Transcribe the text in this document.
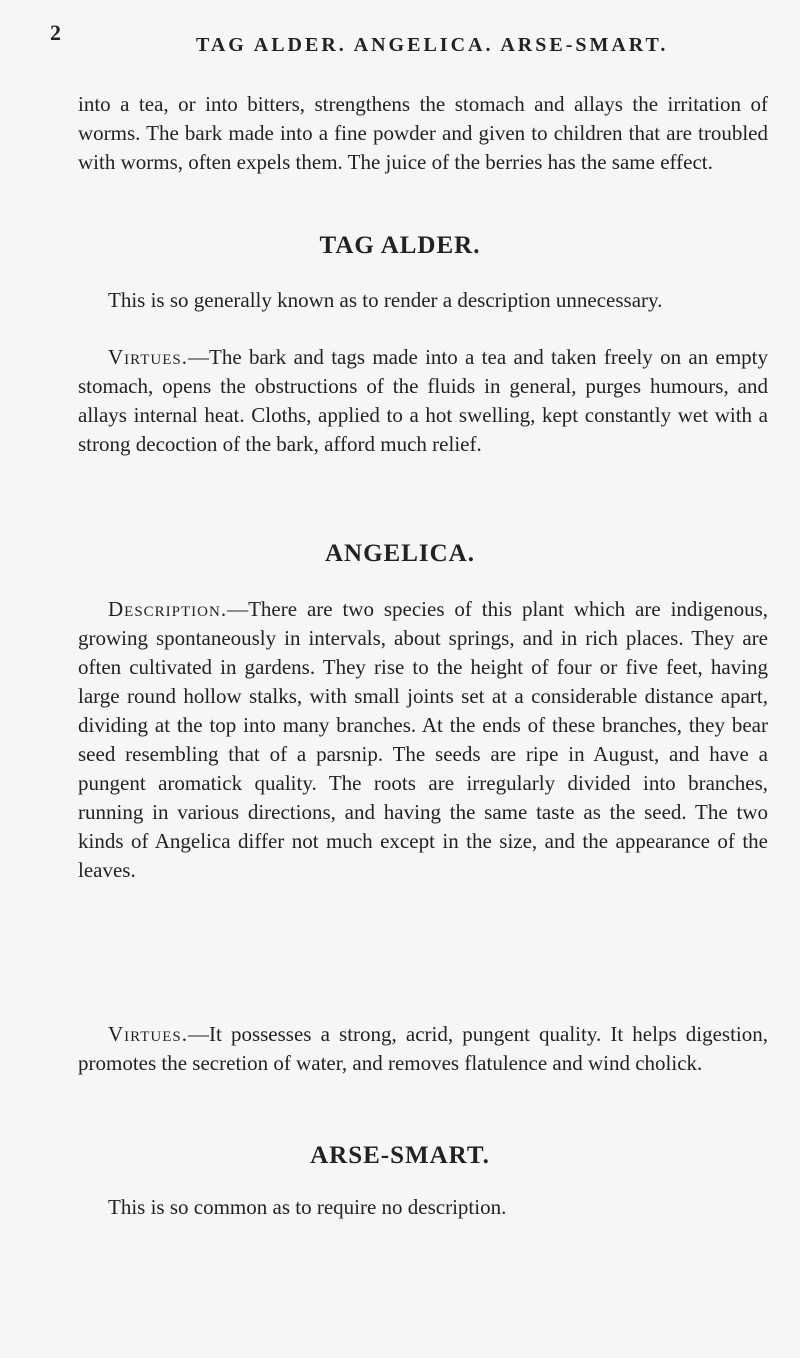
2	TAG ALDER. ANGELICA. ARSE-SMART.

into a tea, or into bitters, strengthens the stomach and allays the irritation of worms. The bark made into a fine powder and given to children that are troubled with worms, often expels them. The juice of the berries has the same effect.

TAG ALDER.

This is so generally known as to render a description unnecessary.

Virtues.—The bark and tags made into a tea and taken freely on an empty stomach, opens the obstructions of the fluids in general, purges humours, and allays internal heat. Cloths, applied to a hot swelling, kept constantly wet with a strong decoction of the bark, afford much relief.

ANGELICA.

Description.—There are two species of this plant which are indigenous, growing spontaneously in intervals, about springs, and in rich places. They are often cultivated in gardens. They rise to the height of four or five feet, having large round hollow stalks, with small joints set at a considerable distance apart, dividing at the top into many branches. At the ends of these branches, they bear seed resembling that of a parsnip. The seeds are ripe in August, and have a pungent aromatick quality. The roots are irregularly divided into branches, running in various directions, and having the same taste as the seed. The two kinds of Angelica differ not much except in the size, and the appearance of the leaves.

Virtues.—It possesses a strong, acrid, pungent quality. It helps digestion, promotes the secretion of water, and removes flatulence and wind cholick.

ARSE-SMART.

This is so common as to require no description.
